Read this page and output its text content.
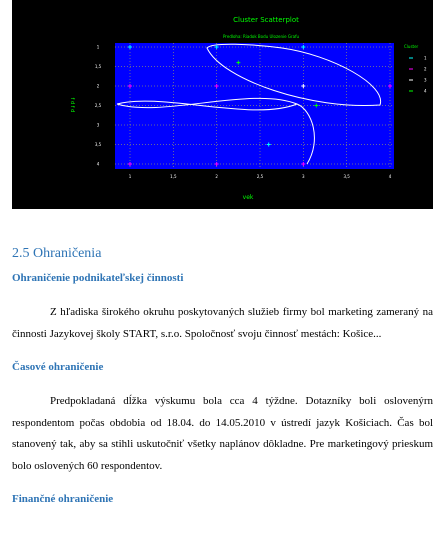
Cluster Scatterplot
Predloha: Riadok Bodu Ulozenie Grafu
1	1,5	2	2,5	3	3,5	4
1
1,5
2
2,5
3
3,5
4
vek
f d f d
Cluster
1
2
3
4
2.5 Ohraničenia
Ohraničenie podnikateľskej činnosti

Z hľadiska širokého okruhu poskytovaných služieb firmy bol marketing zameraný na činnosti Jazykovej školy START, s.r.o. Spoločnosť svoju činnosť mestách: Košice...

Časové ohraničenie

Predpokladaná dĺžka výskumu bola cca 4 týždne. Dotazníky boli oslovenýrn respondentom počas obdobia od 18.04. do 14.05.2010 v ústredí jazyk Košiciach. Čas bol stanovený tak, aby sa stihli uskutočniť všetky naplánov dôkladne. Pre marketingový prieskum bolo oslovených 60 respondentov.

Finančné ohraničenie
